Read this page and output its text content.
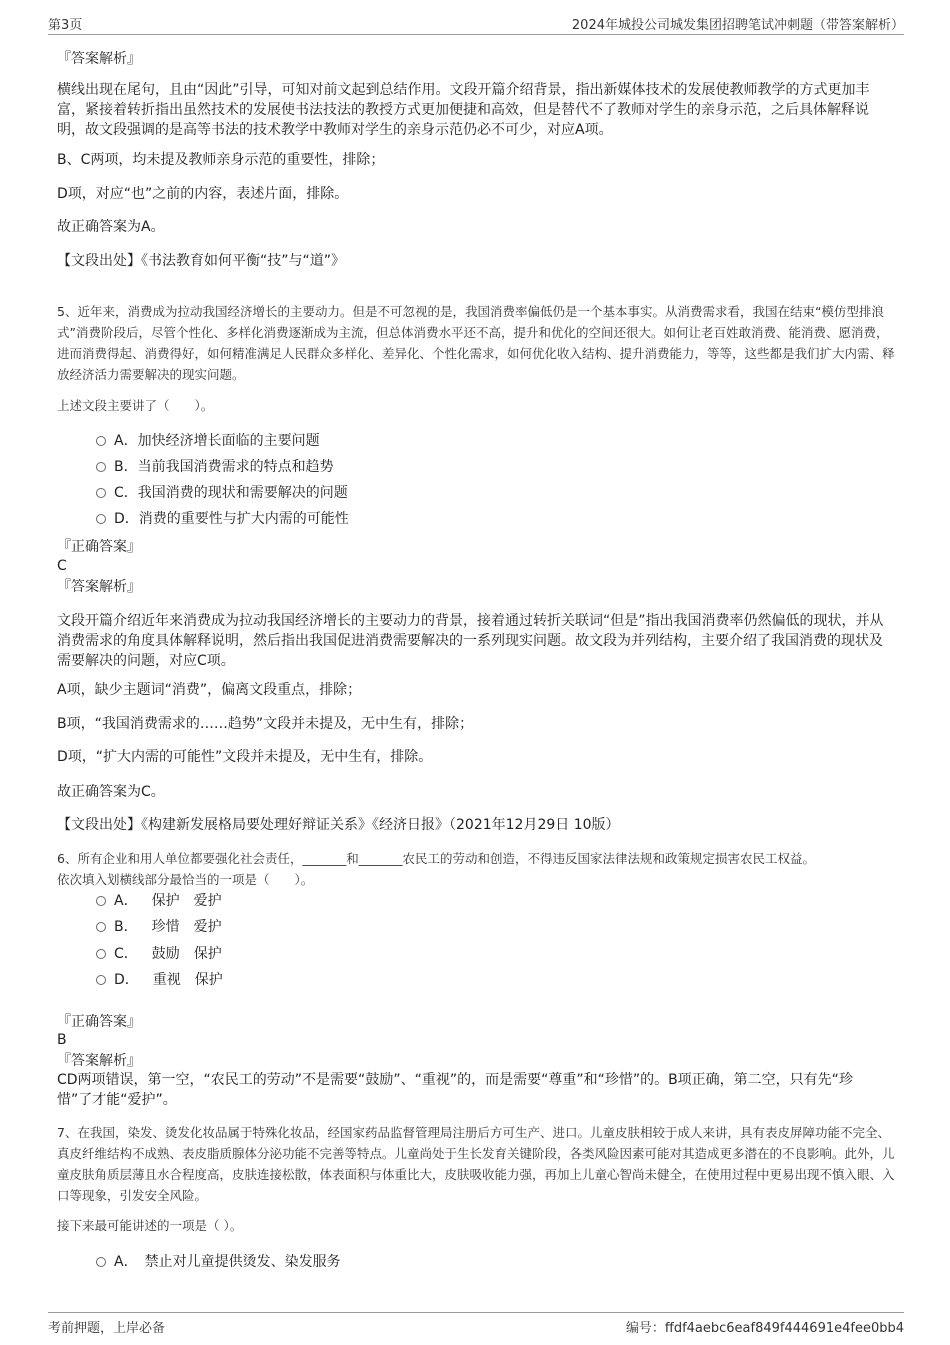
第3页	2024年城投公司城发集团招聘笔试冲刺题（带答案解析）
『答案解析』
横线出现在尾句，且由“因此”引导，可知对前文起到总结作用。文段开篇介绍背景，指出新媒体技术的发展使教师教学的方式更加丰富，紧接着转折指出虽然技术的发展使书法技法的教授方式更加便捷和高效，但是替代不了教师对学生的亲身示范，之后具体解释说明，故文段强调的是高等书法的技术教学中教师对学生的亲身示范仍必不可少，对应A项。
B、C两项，均未提及教师亲身示范的重要性，排除；
D项，对应“也”之前的内容，表述片面，排除。
故正确答案为A。
【文段出处】《书法教育如何平衡“技”与“道”》
5、近年来，消费成为拉动我国经济增长的主要动力。但是不可忽视的是，我国消费率偏低仍是一个基本事实。从消费需求看，我国在结束“模仿型排浪式”消费阶段后，尽管个性化、多样化消费逐渐成为主流，但总体消费水平还不高，提升和优化的空间还很大。如何让老百姓敢消费、能消费、愿消费，进而消费得起、消费得好，如何精准满足人民群众多样化、差异化、个性化需求，如何优化收入结构、提升消费能力，等等，这些都是我们扩大内需、释放经济活力需要解决的现实问题。
上述文段主要讲了（　　）。
A．加快经济增长面临的主要问题
B．当前我国消费需求的特点和趋势
C．我国消费的现状和需要解决的问题
D．消费的重要性与扩大内需的可能性
『正确答案』
C
『答案解析』
文段开篇介绍近年来消费成为拉动我国经济增长的主要动力的背景，接着通过转折关联词“但是”指出我国消费率仍然偏低的现状，并从消费需求的角度具体解释说明，然后指出我国促进消费需要解决的一系列现实问题。故文段为并列结构，主要介绍了我国消费的现状及需要解决的问题，对应C项。
A项，缺少主题词“消费”，偏离文段重点，排除；
B项，“我国消费需求的……趋势”文段并未提及，无中生有，排除；
D项，“扩大内需的可能性”文段并未提及，无中生有，排除。
故正确答案为C。
【文段出处】《构建新发展格局要处理好辩证关系》《经济日报》（2021年12月29日 10版）
6、所有企业和用人单位都要强化社会责任，_______和_______农民工的劳动和创造，不得违反国家法律法规和政策规定损害农民工权益。
依次填入划横线部分最恰当的一项是（　　）。
A． 保护 爱护
B． 珍惜 爱护
C． 鼓励 保护
D． 重视 保护
『正确答案』
B
『答案解析』
CD两项错误，第一空，“农民工的劳动”不是需要“鼓励”、“重视”的，而是需要“尊重”和“珍惜”的。B项正确，第二空，只有先“珍惜”了才能“爱护”。
7、在我国，染发、烫发化妆品属于特殊化妆品，经国家药品监督管理局注册后方可生产、进口。儿童皮肤相较于成人来讲，具有表皮屏障功能不完全、真皮纤维结构不成熟、表皮脂质腺体分泌功能不完善等特点。儿童尚处于生长发育关键阶段，各类风险因素可能对其造成更多潜在的不良影响。此外，儿童皮肤角质层薄且水合程度高，皮肤连接松散，体表面积与体重比大，皮肤吸收能力强，再加上儿童心智尚未健全，在使用过程中更易出现不慎入眼、入口等现象，引发安全风险。
接下来最可能讲述的一项是（ ）。
A．　禁止对儿童提供烫发、染发服务
考前押题，上岸必备	编号：ffdf4aebc6eaf849f444691e4fee0bb4
